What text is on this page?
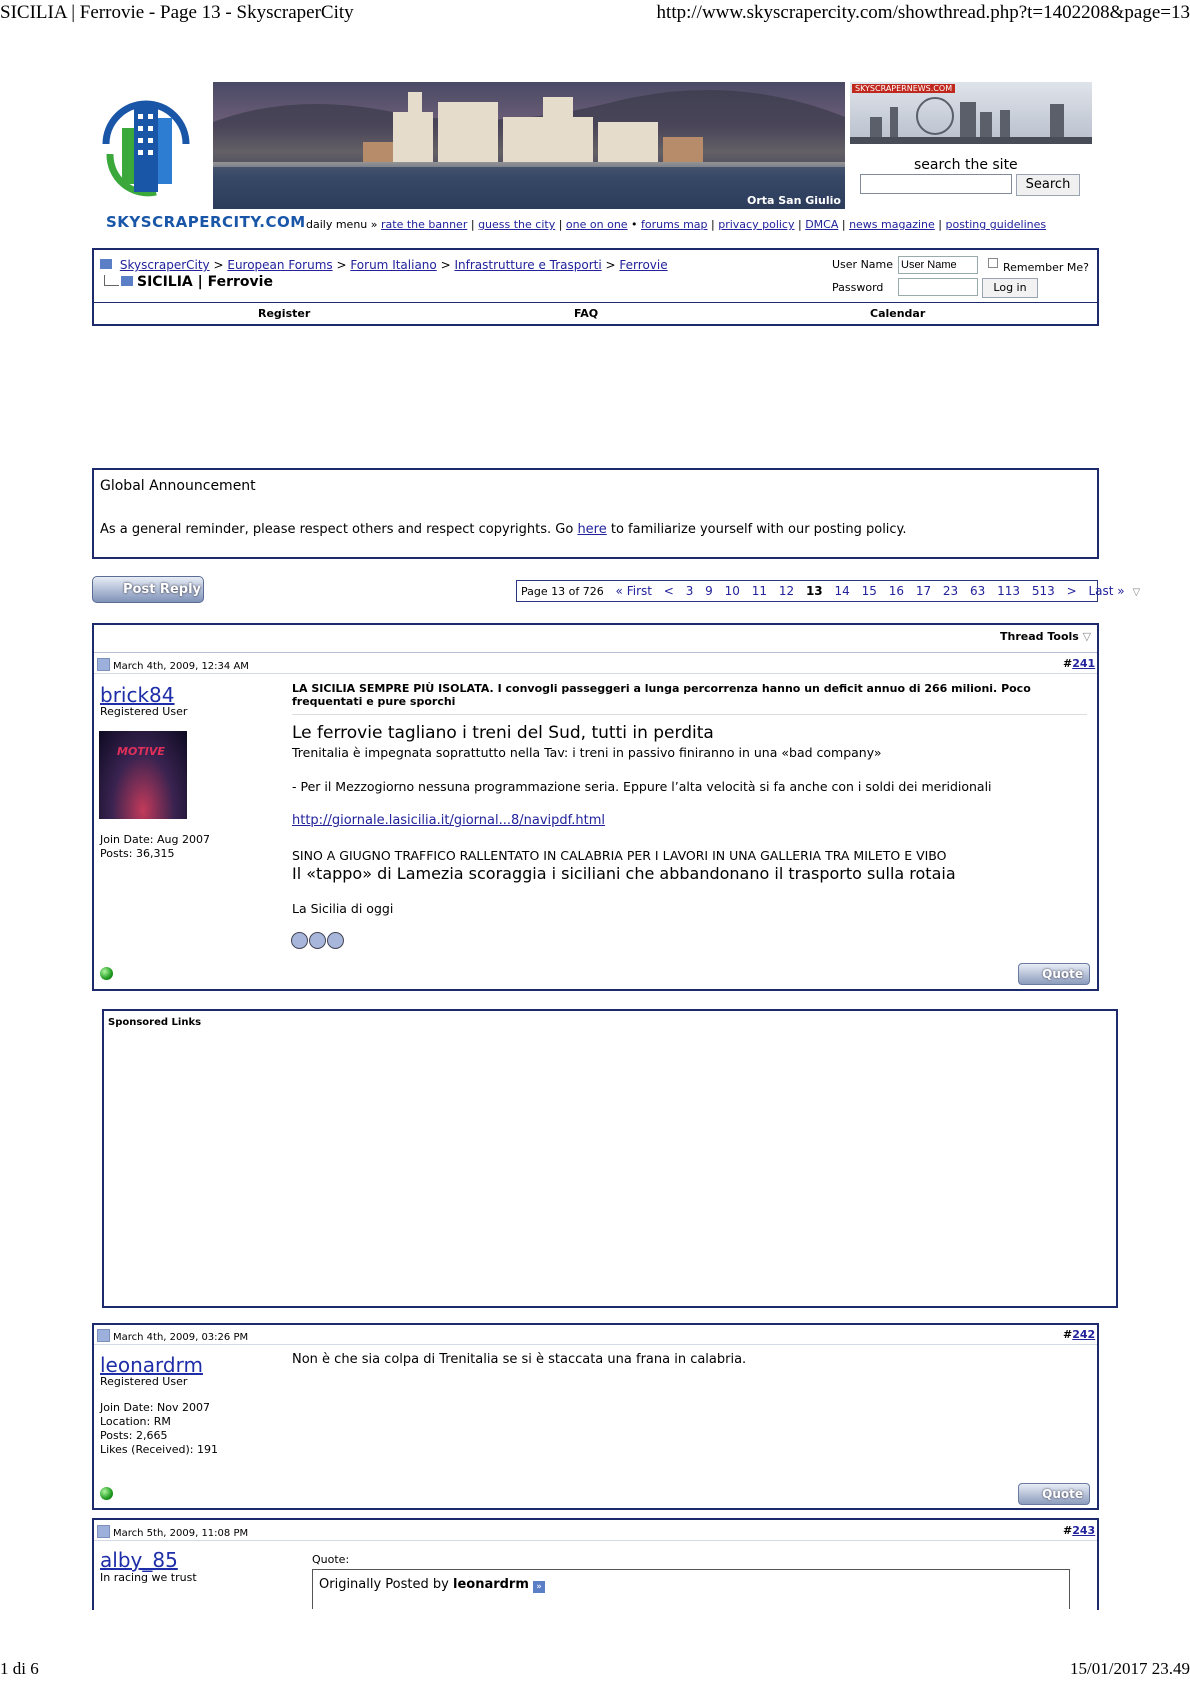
SICILIA | Ferrovie - Page 13 - SkyscraperCity	http://www.skyscrapercity.com/showthread.php?t=1402208&page=13
SKYSCRAPERCITY.COM
Orta San Giulio
SKYSCRAPERNEWS.COM
search the site
Search
daily menu » rate the banner | guess the city | one on one • forums map | privacy policy | DMCA | news magazine | posting guidelines
SkyscraperCity > European Forums > Forum Italiano > Infrastrutture e Trasporti > Ferrovie
SICILIA | Ferrovie
User Name
User Name	Remember Me?
Password	Log in
Register	FAQ	Calendar
Global Announcement
As a general reminder, please respect others and respect copyrights. Go here to familiarize yourself with our posting policy.
Post Reply	Page 13 of 726 « First < 3 9 10 11 12 13 14 15 16 17 23 63 113 513 > Last » ▽
Thread Tools ▽
March 4th, 2009, 12:34 AM	#241
brick84
Registered User
MOTIVE
Join Date: Aug 2007
Posts: 36,315
LA SICILIA SEMPRE PIÙ ISOLATA. I convogli passeggeri a lunga percorrenza hanno un deficit annuo di 266 milioni. Poco frequentati e pure sporchi
Le ferrovie tagliano i treni del Sud, tutti in perdita
Trenitalia è impegnata soprattutto nella Tav: i treni in passivo finiranno in una «bad company»
- Per il Mezzogiorno nessuna programmazione seria. Eppure l’alta velocità si fa anche con i soldi dei meridionali
http://giornale.lasicilia.it/giornal...8/navipdf.html
SINO A GIUGNO TRAFFICO RALLENTATO IN CALABRIA PER I LAVORI IN UNA GALLERIA TRA MILETO E VIBO
Il «tappo» di Lamezia scoraggia i siciliani che abbandonano il trasporto sulla rotaia
La Sicilia di oggi
Quote
Sponsored Links
March 4th, 2009, 03:26 PM	#242
leonardrm
Registered User
Join Date: Nov 2007
Location: RM
Posts: 2,665
Likes (Received): 191
Non è che sia colpa di Trenitalia se si è staccata una frana in calabria.
Quote
March 5th, 2009, 11:08 PM	#243
alby_85
In racing we trust
Quote:
Originally Posted by leonardrm »
1 di 6	15/01/2017 23.49
